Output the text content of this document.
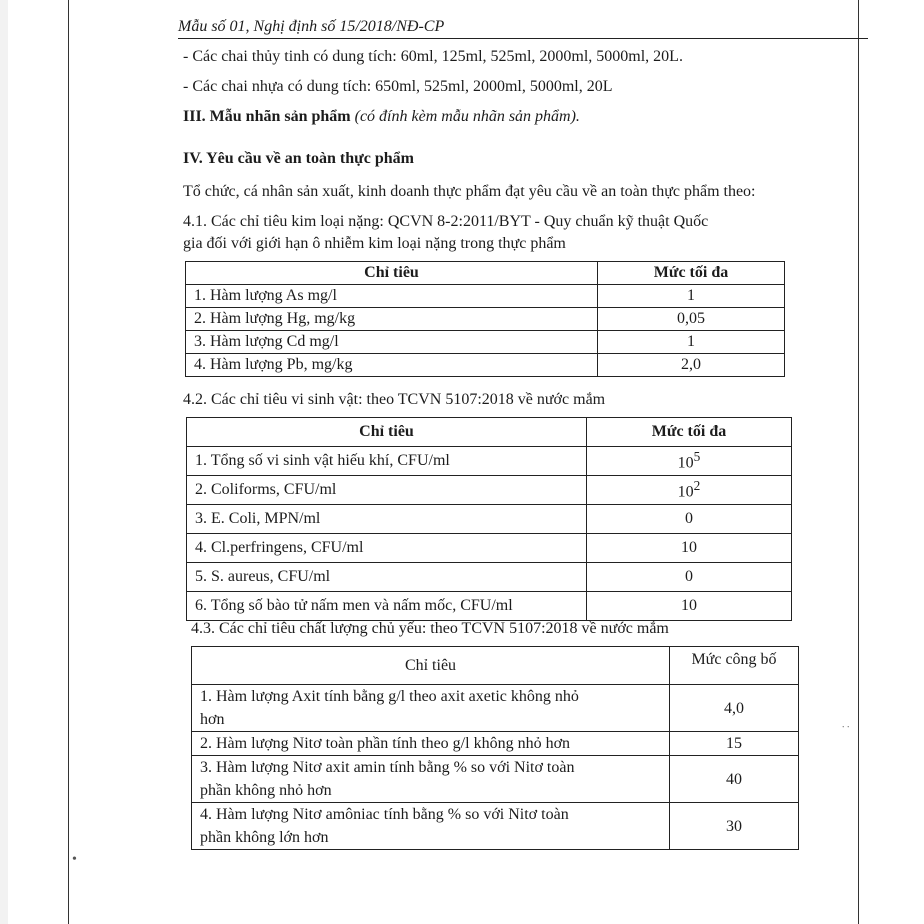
Mẫu số 01, Nghị định số 15/2018/NĐ-CP
- Các chai thủy tinh có dung tích: 60ml, 125ml, 525ml, 2000ml, 5000ml, 20L.
- Các chai nhựa có dung tích: 650ml, 525ml, 2000ml, 5000ml, 20L
III. Mẫu nhãn sản phẩm (có đính kèm mẫu nhãn sản phẩm).
IV. Yêu cầu về an toàn thực phẩm
Tổ chức, cá nhân sản xuất, kinh doanh thực phẩm đạt yêu cầu về an toàn thực phẩm theo:
4.1. Các chỉ tiêu kim loại nặng: QCVN 8-2:2011/BYT - Quy chuẩn kỹ thuật Quốc
gia đối với giới hạn ô nhiễm kim loại nặng trong thực phẩm
Chỉ tiêu	Mức tối đa
1. Hàm lượng As mg/l	1
2. Hàm lượng Hg, mg/kg	0,05
3. Hàm lượng Cd mg/l	1
4. Hàm lượng Pb, mg/kg	2,0
4.2. Các chỉ tiêu vi sinh vật: theo TCVN 5107:2018 về nước mắm
Chỉ tiêu	Mức tối đa
1. Tổng số vi sinh vật hiếu khí, CFU/ml	$10^5$
2. Coliforms, CFU/ml	$10^2$
3. E. Coli, MPN/ml	0
4. Cl.perfringens, CFU/ml	10
5. S. aureus, CFU/ml	0
6. Tổng số bào tử nấm men và nấm mốc, CFU/ml	10
4.3. Các chỉ tiêu chất lượng chủ yếu: theo TCVN 5107:2018 về nước mắm
Chỉ tiêu	Mức công bố

1. Hàm lượng Axit tính bằng g/l theo axit axetic không nhỏ
hơn	4,0

2. Hàm lượng Nitơ toàn phần tính theo g/l không nhỏ hơn	15

3. Hàm lượng Nitơ axit amin tính bằng % so với Nitơ toàn
phần không nhỏ hơn	40

4. Hàm lượng Nitơ amôniac tính bằng % so với Nitơ toàn
phần không lớn hơn	30
•
∙ ∙
